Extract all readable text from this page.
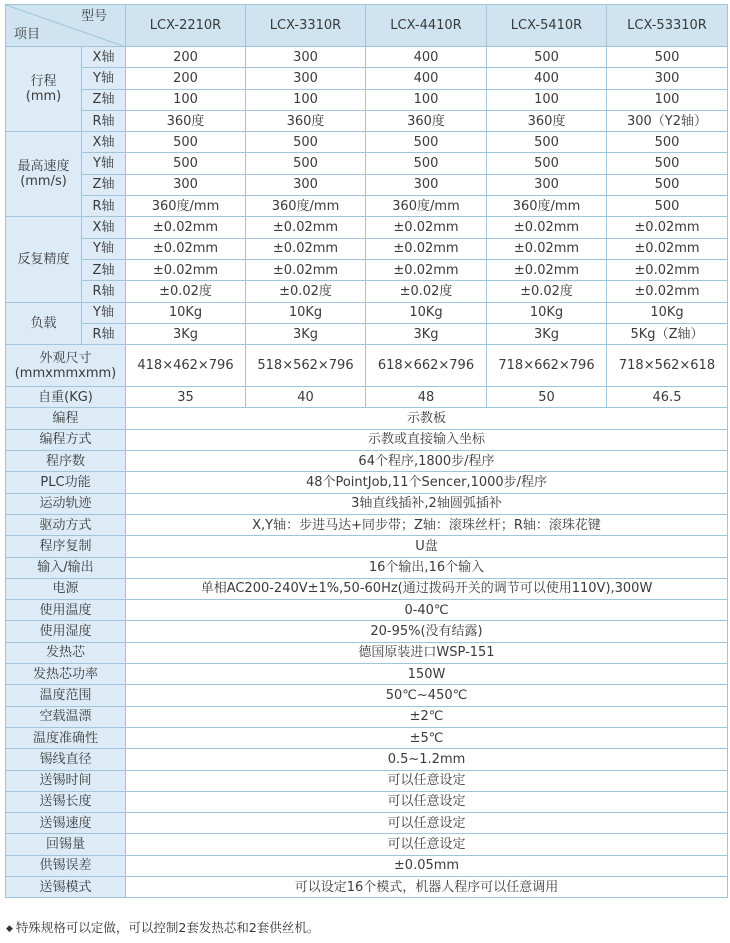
型号
项目		LCX-2210R	LCX-3310R	LCX-4410R	LCX-5410R	LCX-53310R
行程
(mm)	X轴	200	300	400	500	500
	Y轴	200	300	400	400	300
	Z轴	100	100	100	100	100
	R轴	360度	360度	360度	360度	300（Y2轴）
最高速度
(mm/s)	X轴	500	500	500	500	500
	Y轴	500	500	500	500	500
	Z轴	300	300	300	300	500
	R轴	360度/mm	360度/mm	360度/mm	360度/mm	500
反复精度	X轴	±0.02mm	±0.02mm	±0.02mm	±0.02mm	±0.02mm
	Y轴	±0.02mm	±0.02mm	±0.02mm	±0.02mm	±0.02mm
	Z轴	±0.02mm	±0.02mm	±0.02mm	±0.02mm	±0.02mm
	R轴	±0.02度	±0.02度	±0.02度	±0.02度	±0.02mm
负载	Y轴	10Kg	10Kg	10Kg	10Kg	10Kg
	R轴	3Kg	3Kg	3Kg	3Kg	5Kg（Z轴）
外观尺寸
(mmxmmxmm)		418×462×796	518×562×796	618×662×796	718×662×796	718×562×618
自重(KG)		35	40	48	50	46.5
编程		示教板				
编程方式		示教或直接输入坐标				
程序数		64个程序,1800步/程序				
PLC功能		48个PointJob,11个Sencer,1000步/程序				
运动轨迹		3轴直线插补,2轴圆弧插补				
驱动方式		X,Y轴：步进马达+同步带；Z轴：滚珠丝杆；R轴：滚珠花键				
程序复制		U盘				
输入/输出		16个输出,16个输入				
电源		单相AC200-240V±1%,50-60Hz(通过拨码开关的调节可以使用110V),300W				
使用温度		0-40℃				
使用湿度		20-95%(没有结露)				
发热芯		德国原装进口WSP-151				
发热芯功率		150W				
温度范围		50℃~450℃				
空载温漂		±2℃				
温度准确性		±5℃				
锡线直径		0.5~1.2mm				
送锡时间		可以任意设定				
送锡长度		可以任意设定				
送锡速度		可以任意设定				
回锡量		可以任意设定				
供锡误差		±0.05mm				
送锡模式		可以设定16个模式，机器人程序可以任意调用				
◆ 特殊规格可以定做，可以控制2套发热芯和2套供丝机。
